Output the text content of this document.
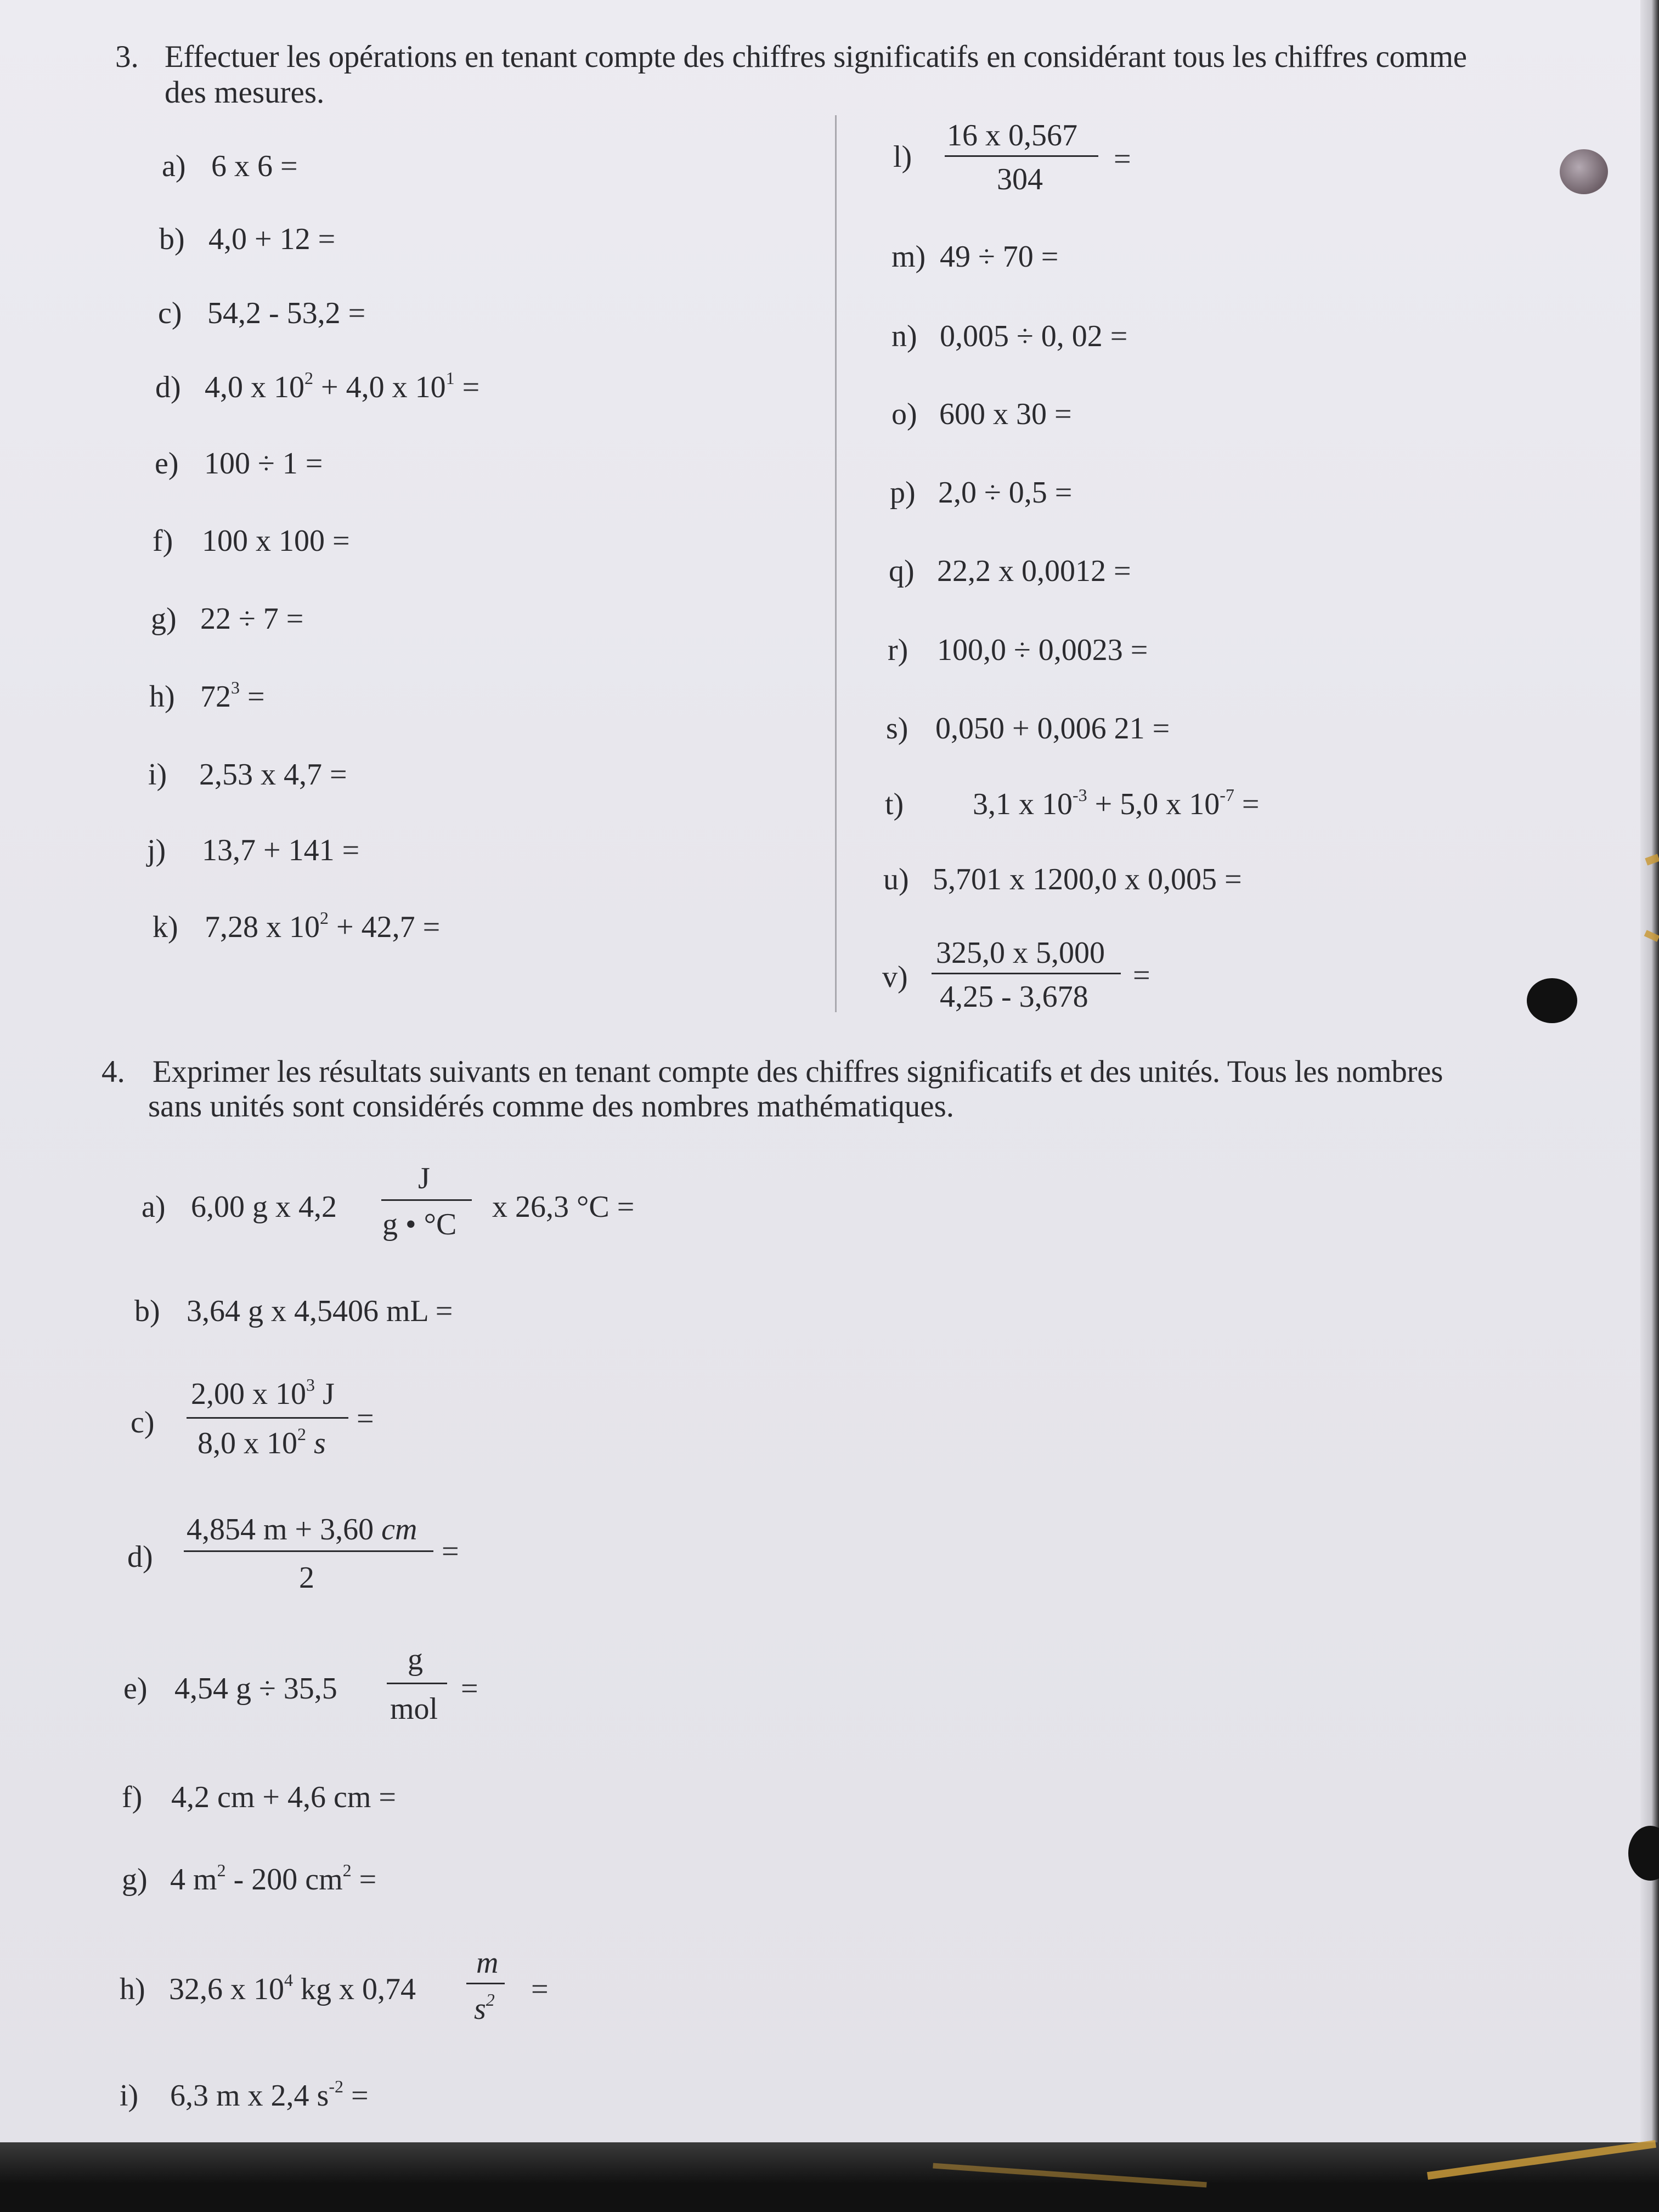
3. Effectuer les opérations en tenant compte des chiffres significatifs en considérant tous les chiffres comme
des mesures.
a) 6 x 6 =
b) 4,0 + 12 =
c) 54,2 - 53,2 =
d) 4,0 x $10^2 + 4,0$ x $10^1$ =
e) 100 ÷ 1 =
f) 100 x 100 =
g) 22 ÷ 7 =
h) $72^3$ =
i) 2,53 x 4,7 =
j) 13,7 + 141 =
k) 7,28 x $10^2 + 42,7$ =
l)
16 x 0,567
304
=
m) 49 ÷ 70 =
n) 0,005 ÷ 0, 02 =
o) 600 x 30 =
p) 2,0 ÷ 0,5 =
q) 22,2 x 0,0012 =
r) 100,0 ÷ 0,0023 =
s) 0,050 + 0,006 21 =
t) 3,1 x $10^{-3} + 5,0$ x $10^{-7}$ =
u) 5,701 x 1200,0 x 0,005 =
v)
325,0 x 5,000
4,25 - 3,678
=
4. Exprimer les résultats suivants en tenant compte des chiffres significatifs et des unités. Tous les nombres
sans unités sont considérés comme des nombres mathématiques.
a) 6,00 g x 4,2
J
g • °C
x 26,3 °C =
b) 3,64 g x 4,5406 mL =
c)
2,00 x $10^3$ J
8,0 x $10^2$ s
=
d)
4,854 m + 3,60 cm
2
=
e) 4,54 g ÷ 35,5
g
mol
=
f) 4,2 cm + 4,6 cm =
g) 4 $m^2 - 200$ $cm^2$ =
h) 32,6 x $10^4$ kg x 0,74
m
$s^2$ =
i) 6,3 m x 2,4 $s^{-2}$ =
